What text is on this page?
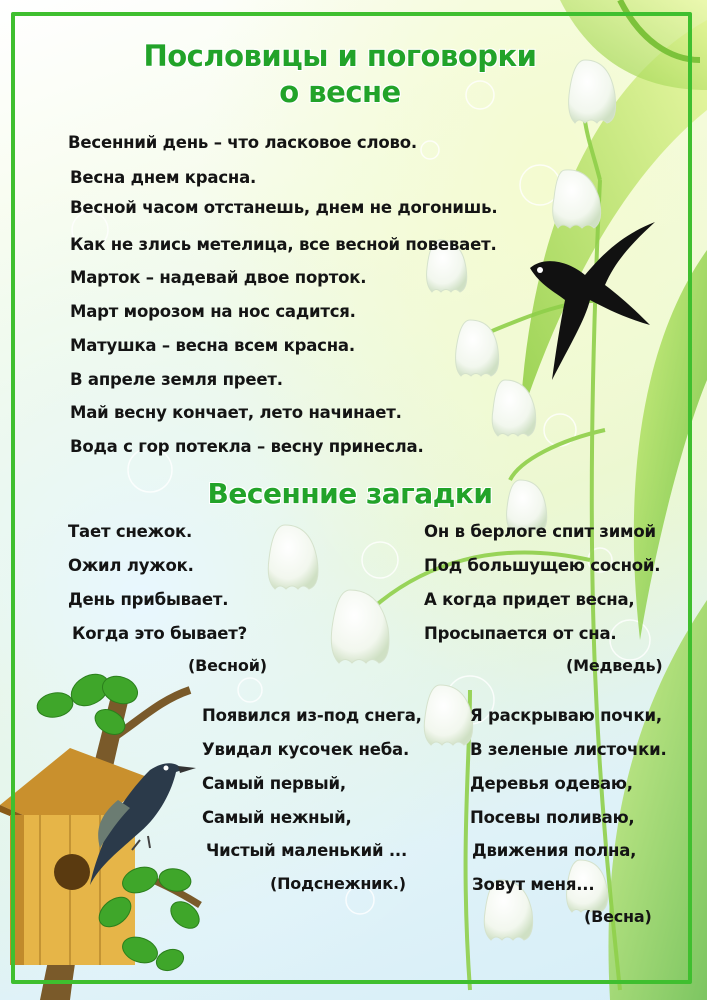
Пословицы и поговорки
о весне
Весенний день – что ласковое слово.
Весна днем красна.
Весной часом отстанешь, днем не догонишь.
Как не злись метелица, все весной повевает.
Марток – надевай двое порток.
Март морозом на нос садится.
Матушка – весна всем красна.
В апреле земля преет.
Май весну кончает, лето начинает.
Вода с гор потекла – весну принесла.
Весенние загадки
Тает снежок.
Ожил лужок.
День прибывает.
Когда это бывает?
(Весной)
Он в берлоге спит зимой
Под большущею сосной.
А когда придет весна,
Просыпается от сна.
(Медведь)
Появился из-под снега,
Увидал кусочек неба.
Самый первый,
Самый нежный,
Чистый маленький ...
(Подснежник.)
Я раскрываю почки,
В зеленые листочки.
Деревья одеваю,
Посевы поливаю,
Движения полна,
Зовут меня...
(Весна)
